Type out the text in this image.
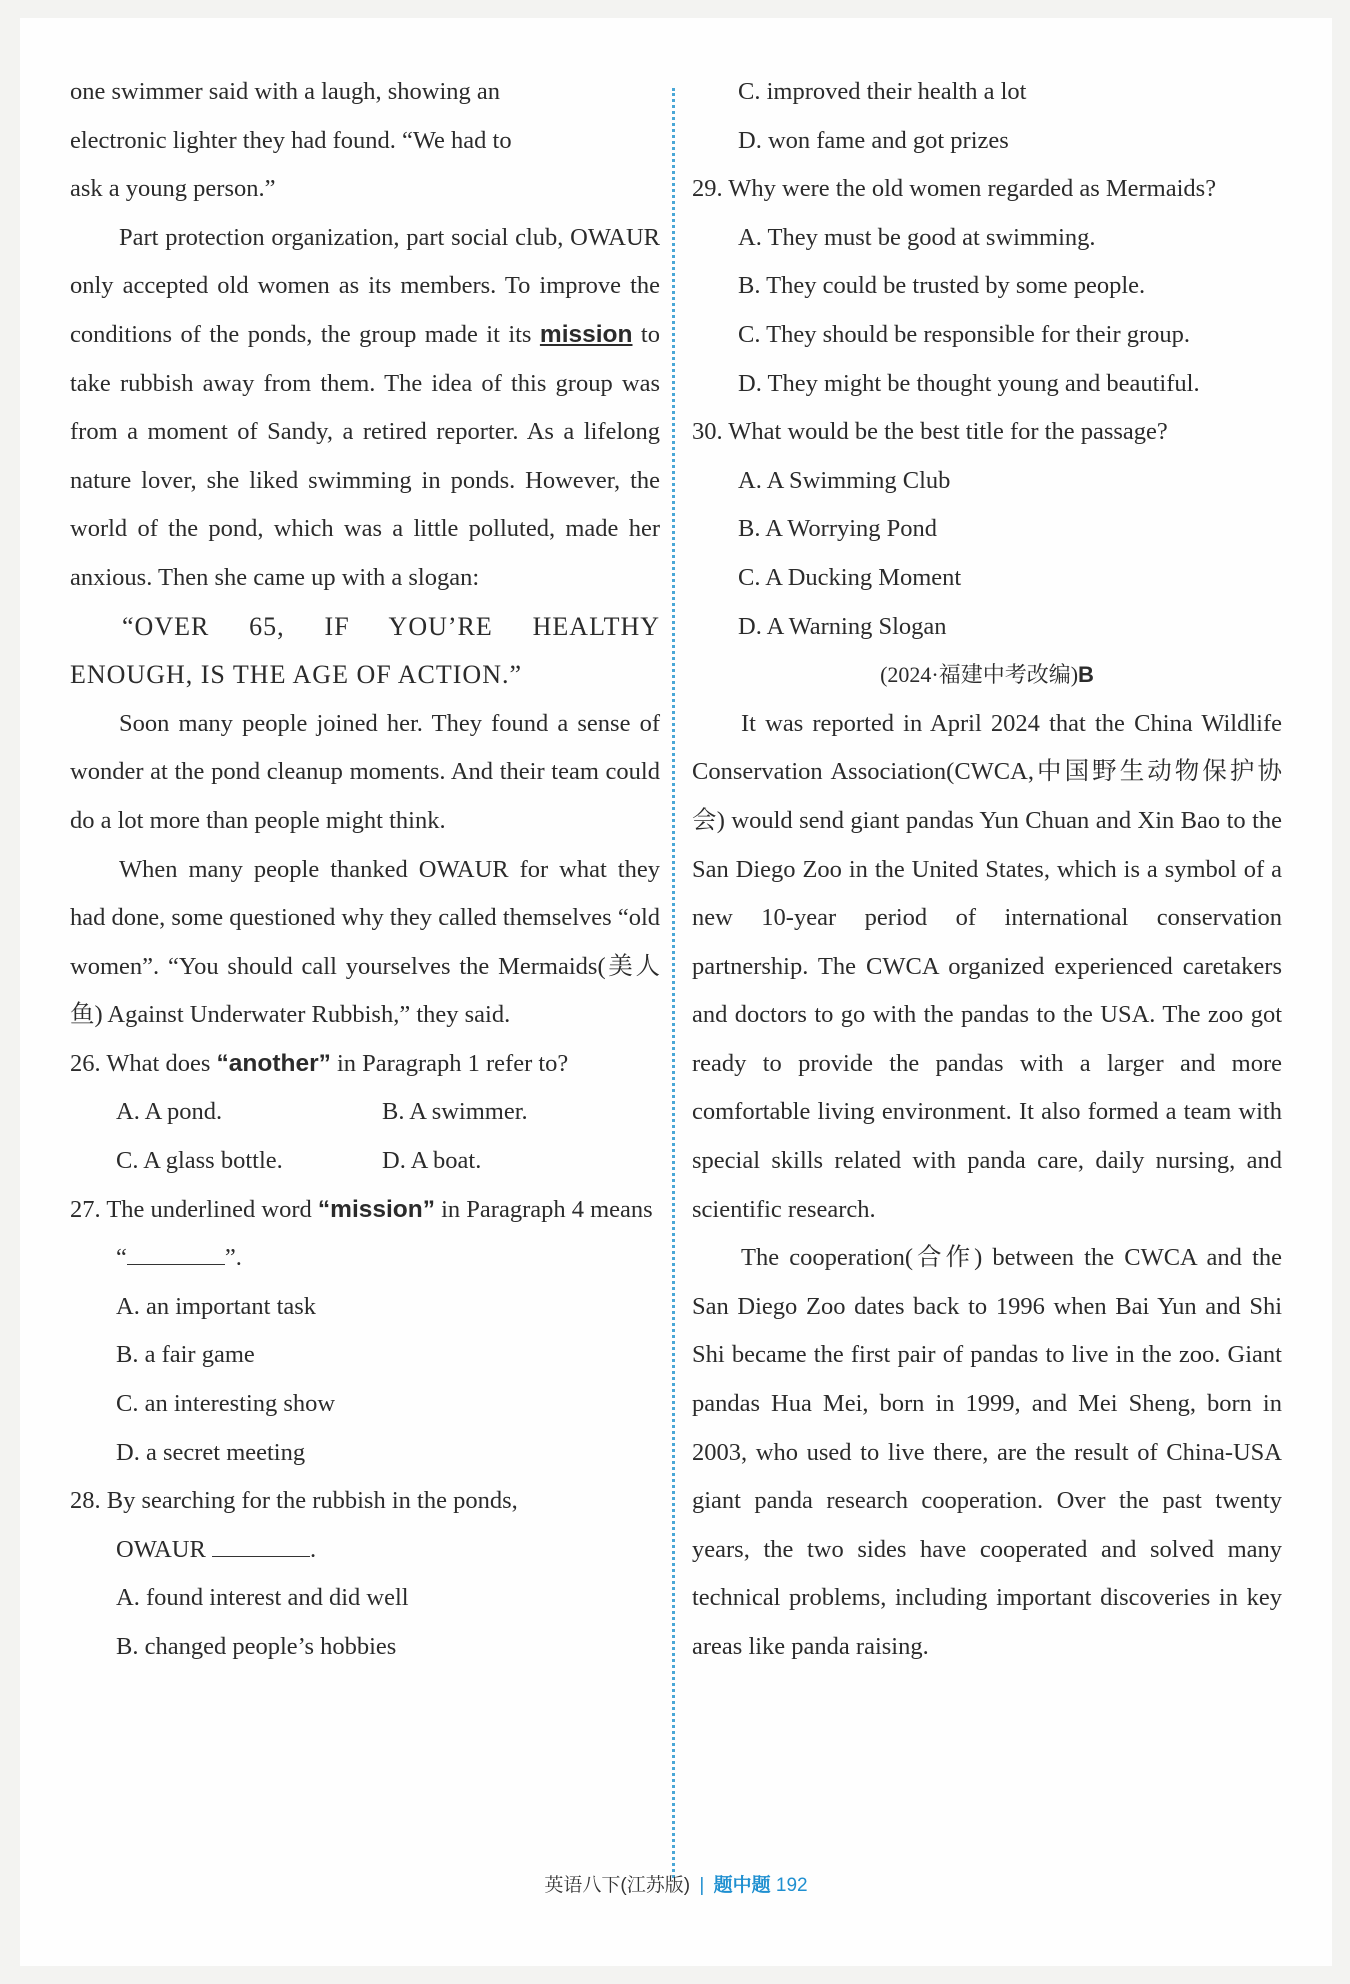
one swimmer said with a laugh, showing an
electronic lighter they had found. “We had to
ask a young person.”

Part protection organization, part social club, OWAUR only accepted old women as its members. To improve the conditions of the ponds, the group made it its mission to take rubbish away from them. The idea of this group was from a moment of Sandy, a retired reporter. As a lifelong nature lover, she liked swimming in ponds. However, the world of the pond, which was a little polluted, made her anxious. Then she came up with a slogan:

“OVER 65, IF YOU’RE HEALTHY ENOUGH, IS THE AGE OF ACTION.”

Soon many people joined her. They found a sense of wonder at the pond cleanup moments. And their team could do a lot more than people might think.

When many people thanked OWAUR for what they had done, some questioned why they called themselves “old women”. “You should call yourselves the Mermaids(美人鱼) Against Underwater Rubbish,” they said.

26. What does “another” in Paragraph 1 refer to?

A. A pond.	B. A swimmer.
C. A glass bottle.	D. A boat.

27. The underlined word “mission” in Paragraph 4 means “	”.

A. an important task

B. a fair game

C. an interesting show

D. a secret meeting

28. By searching for the rubbish in the ponds,
OWAUR	.

A. found interest and did well

B. changed people’s hobbies

C. improved their health a lot

D. won fame and got prizes

29. Why were the old women regarded as Mermaids?

A. They must be good at swimming.

B. They could be trusted by some people.

C. They should be responsible for their group.

D. They might be thought young and beautiful.

30. What would be the best title for the passage?

A. A Swimming Club

B. A Worrying Pond

C. A Ducking Moment

D. A Warning Slogan

(2024·福建中考改编)B

It was reported in April 2024 that the China Wildlife Conservation Association(CWCA,中国野生动物保护协会) would send giant pandas Yun Chuan and Xin Bao to the San Diego Zoo in the United States, which is a symbol of a new 10-year period of international conservation partnership. The CWCA organized experienced caretakers and doctors to go with the pandas to the USA. The zoo got ready to provide the pandas with a larger and more comfortable living environment. It also formed a team with special skills related with panda care, daily nursing, and scientific research.

The cooperation(合作) between the CWCA and the San Diego Zoo dates back to 1996 when Bai Yun and Shi Shi became the first pair of pandas to live in the zoo. Giant pandas Hua Mei, born in 1999, and Mei Sheng, born in 2003, who used to live there, are the result of China-USA giant panda research cooperation. Over the past twenty years, the two sides have cooperated and solved many technical problems, including important discoveries in key areas like panda raising.

英语八下(江苏版) | 题中题 192
